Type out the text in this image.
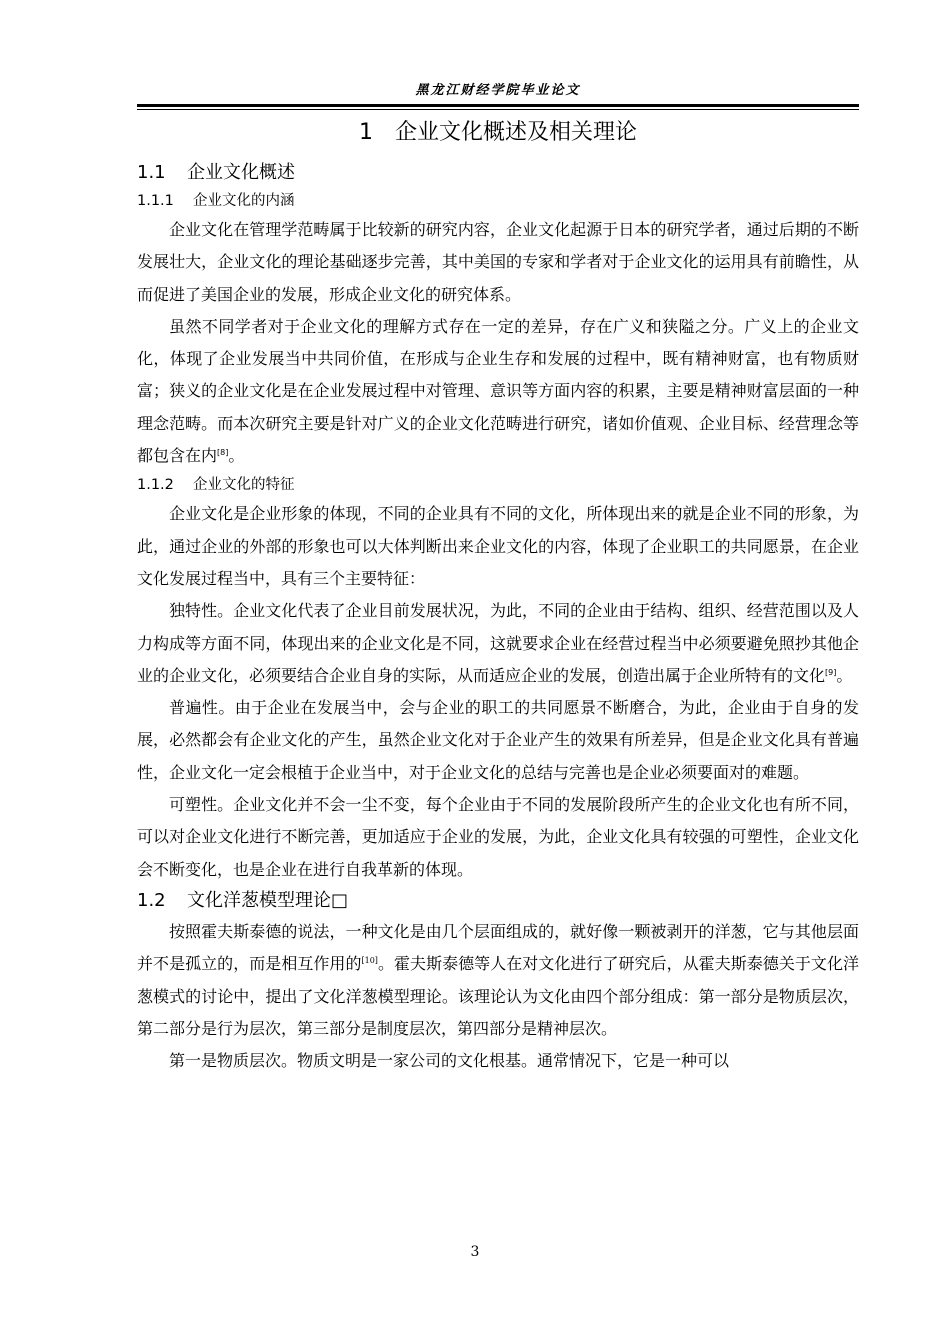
黑龙江财经学院毕业论文
1 企业文化概述及相关理论
1.1 企业文化概述
1.1.1 企业文化的内涵

企业文化在管理学范畴属于比较新的研究内容，企业文化起源于日本的研究学者，通过后期的不断发展壮大，企业文化的理论基础逐步完善，其中美国的专家和学者对于企业文化的运用具有前瞻性，从而促进了美国企业的发展，形成企业文化的研究体系。

虽然不同学者对于企业文化的理解方式存在一定的差异，存在广义和狭隘之分。广义上的企业文化，体现了企业发展当中共同价值，在形成与企业生存和发展的过程中，既有精神财富，也有物质财富；狭义的企业文化是在企业发展过程中对管理、意识等方面内容的积累，主要是精神财富层面的一种理念范畴。而本次研究主要是针对广义的企业文化范畴进行研究，诸如价值观、企业目标、经营理念等都包含在内[8]。

1.1.2 企业文化的特征

企业文化是企业形象的体现，不同的企业具有不同的文化，所体现出来的就是企业不同的形象，为此，通过企业的外部的形象也可以大体判断出来企业文化的内容，体现了企业职工的共同愿景，在企业文化发展过程当中，具有三个主要特征：

独特性。企业文化代表了企业目前发展状况，为此，不同的企业由于结构、组织、经营范围以及人力构成等方面不同，体现出来的企业文化是不同，这就要求企业在经营过程当中必须要避免照抄其他企业的企业文化，必须要结合企业自身的实际，从而适应企业的发展，创造出属于企业所特有的文化[9]。

普遍性。由于企业在发展当中，会与企业的职工的共同愿景不断磨合，为此，企业由于自身的发展，必然都会有企业文化的产生，虽然企业文化对于企业产生的效果有所差异，但是企业文化具有普遍性，企业文化一定会根植于企业当中，对于企业文化的总结与完善也是企业必须要面对的难题。

可塑性。企业文化并不会一尘不变，每个企业由于不同的发展阶段所产生的企业文化也有所不同，可以对企业文化进行不断完善，更加适应于企业的发展，为此，企业文化具有较强的可塑性，企业文化会不断变化，也是企业在进行自我革新的体现。

1.2 文化洋葱模型理论□

按照霍夫斯泰德的说法，一种文化是由几个层面组成的，就好像一颗被剥开的洋葱，它与其他层面并不是孤立的，而是相互作用的[10]。霍夫斯泰德等人在对文化进行了研究后，从霍夫斯泰德关于文化洋葱模式的讨论中，提出了文化洋葱模型理论。该理论认为文化由四个部分组成：第一部分是物质层次，第二部分是行为层次，第三部分是制度层次，第四部分是精神层次。

第一是物质层次。物质文明是一家公司的文化根基。通常情况下，它是一种可以

3
